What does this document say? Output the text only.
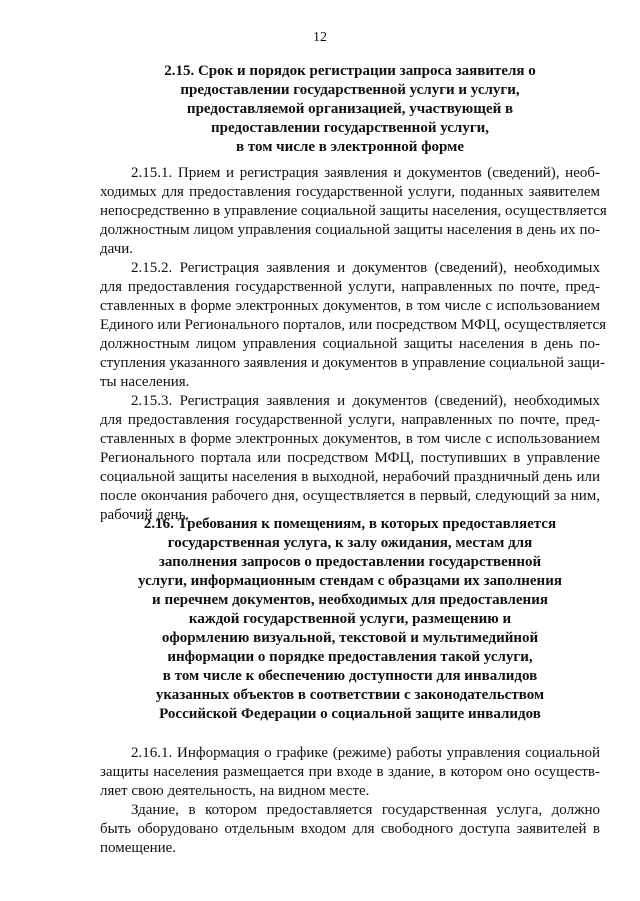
12
2.15. Срок и порядок регистрации запроса заявителя о
предоставлении государственной услуги и услуги,
предоставляемой организацией, участвующей в
предоставлении государственной услуги,
в том числе в электронной форме
2.15.1. Прием и регистрация заявления и документов (сведений), необ-
ходимых для предоставления государственной услуги, поданных заявителем
непосредственно в управление социальной защиты населения, осуществляется
должностным лицом управления социальной защиты населения в день их по-
дачи.
2.15.2. Регистрация заявления и документов (сведений), необходимых
для предоставления государственной услуги, направленных по почте, пред-
ставленных в форме электронных документов, в том числе с использованием
Единого или Регионального порталов, или посредством МФЦ, осуществляется
должностным лицом управления социальной защиты населения в день по-
ступления указанного заявления и документов в управление социальной защи-
ты населения.
2.15.3. Регистрация заявления и документов (сведений), необходимых
для предоставления государственной услуги, направленных по почте, пред-
ставленных в форме электронных документов, в том числе с использованием
Регионального портала или посредством МФЦ, поступивших в управление
социальной защиты населения в выходной, нерабочий праздничный день или
после окончания рабочего дня, осуществляется в первый, следующий за ним,
рабочий день.
2.16. Требования к помещениям, в которых предоставляется
государственная услуга, к залу ожидания, местам для
заполнения запросов о предоставлении государственной
услуги, информационным стендам с образцами их заполнения
и перечнем документов, необходимых для предоставления
каждой государственной услуги, размещению и
оформлению визуальной, текстовой и мультимедийной
информации о порядке предоставления такой услуги,
в том числе к обеспечению доступности для инвалидов
указанных объектов в соответствии с законодательством
Российской Федерации о социальной защите инвалидов
2.16.1. Информация о графике (режиме) работы управления социальной
защиты населения размещается при входе в здание, в котором оно осуществ-
ляет свою деятельность, на видном месте.
Здание, в котором предоставляется государственная услуга, должно
быть оборудовано отдельным входом для свободного доступа заявителей в
помещение.
